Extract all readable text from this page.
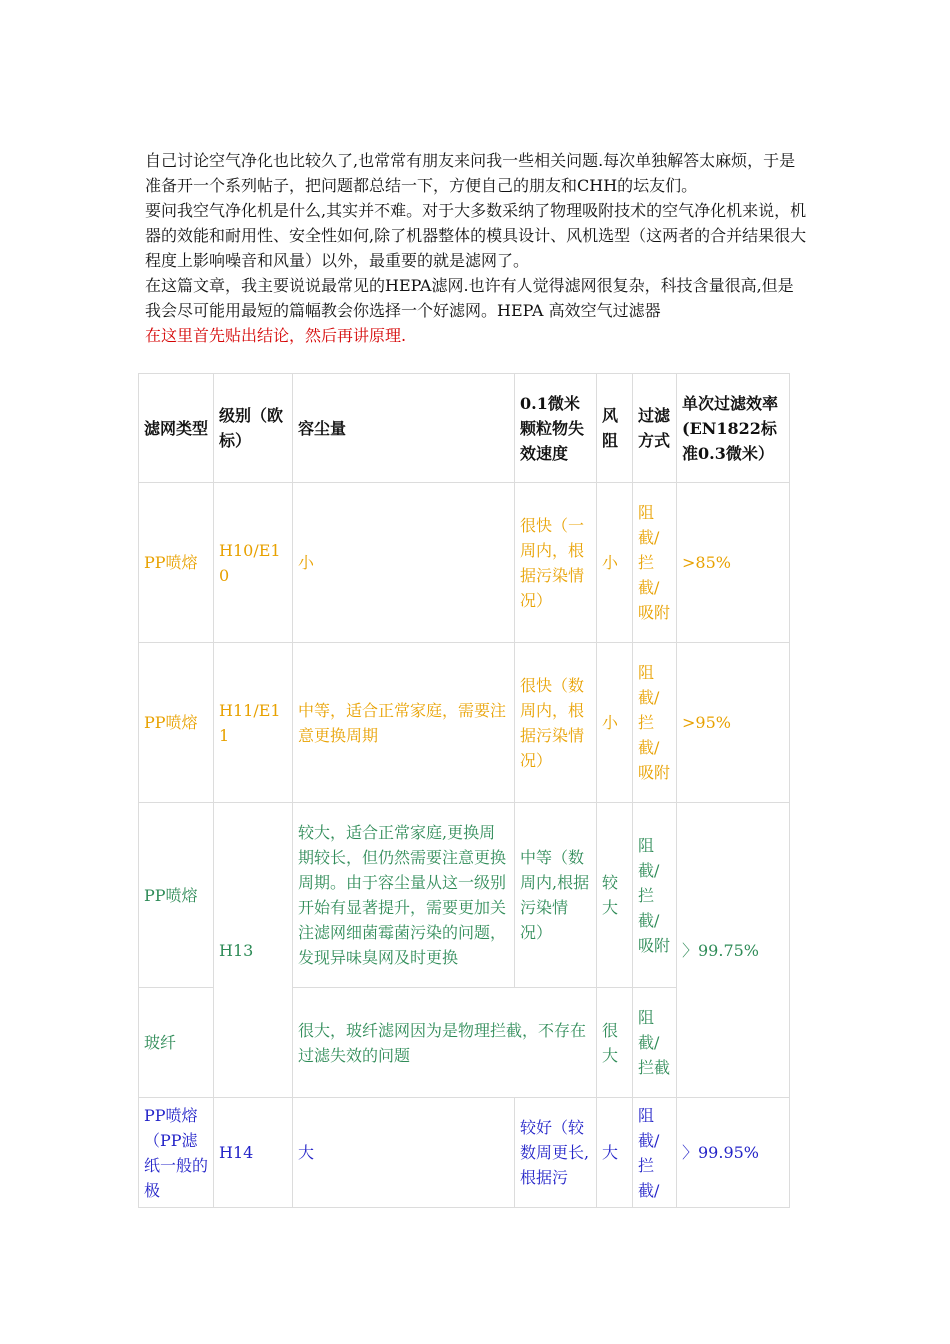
自己讨论空气净化也比较久了,也常常有朋友来问我一些相关问题.每次单独解答太麻烦，于是准备开一个系列帖子，把问题都总结一下，方便自己的朋友和CHH的坛友们。

要问我空气净化机是什么,其实并不难。对于大多数采纳了物理吸附技术的空气净化机来说，机器的效能和耐用性、安全性如何,除了机器整体的模具设计、风机选型（这两者的合并结果很大程度上影响噪音和风量）以外，最重要的就是滤网了。

在这篇文章，我主要说说最常见的HEPA滤网.也许有人觉得滤网很复杂，科技含量很高,但是我会尽可能用最短的篇幅教会你选择一个好滤网。HEPA 高效空气过滤器

在这里首先贴出结论，然后再讲原理.

滤网类型	级别（欧标）	容尘量	0.1微米颗粒物失效速度	风阻	过滤方式	单次过滤效率(EN1822标准0.3微米）
PP喷熔	H10/E10	小	很快（一周内，根据污染情况）	小	阻截/拦截/吸附	>85%
PP喷熔	H11/E11	中等，适合正常家庭，需要注意更换周期	很快（数周内，根据污染情况）	小	阻截/拦截/吸附	>95%
PP喷熔	H13	较大，适合正常家庭,更换周期较长，但仍然需要注意更换周期。由于容尘量从这一级别开始有显著提升，需要更加关注滤网细菌霉菌污染的问题，发现异味臭网及时更换	中等（数周内,根据污染情况）	较大	阻截/拦截/吸附	〉99.75%
玻纤		很大，玻纤滤网因为是物理拦截，不存在过滤失效的问题		很大	阻截/拦截	
PP喷熔（PP滤纸一般的极	H14	大	较好（较数周更长,根据污	大	阻截/拦截/	〉99.95%
